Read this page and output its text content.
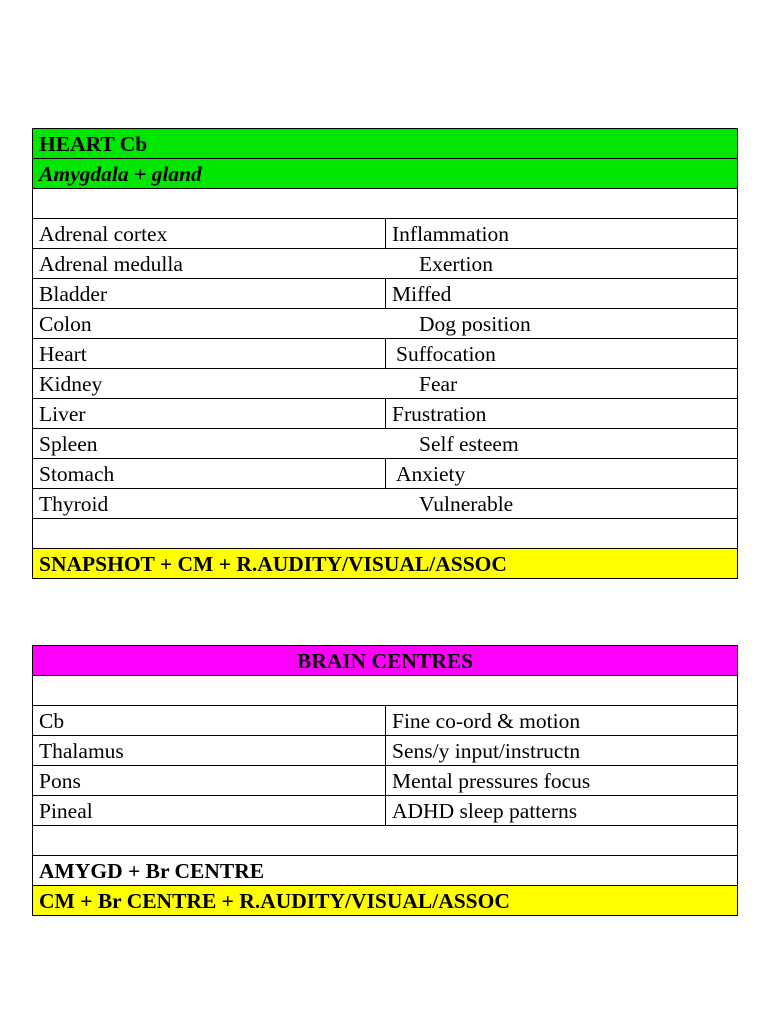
HEART Cb
Amygdala + gland
Adrenal cortex	Inflammation
Adrenal medulla	Exertion
Bladder	Miffed
Colon	Dog position
Heart	Suffocation
Kidney	Fear
Liver	Frustration
Spleen	Self esteem
Stomach	Anxiety
Thyroid	Vulnerable
SNAPSHOT + CM + R.AUDITY/VISUAL/ASSOC
BRAIN CENTRES
Cb	Fine co-ord & motion
Thalamus	Sens/y input/instructn
Pons	Mental pressures focus
Pineal	ADHD sleep patterns
AMYGD + Br CENTRE
CM + Br CENTRE + R.AUDITY/VISUAL/ASSOC
